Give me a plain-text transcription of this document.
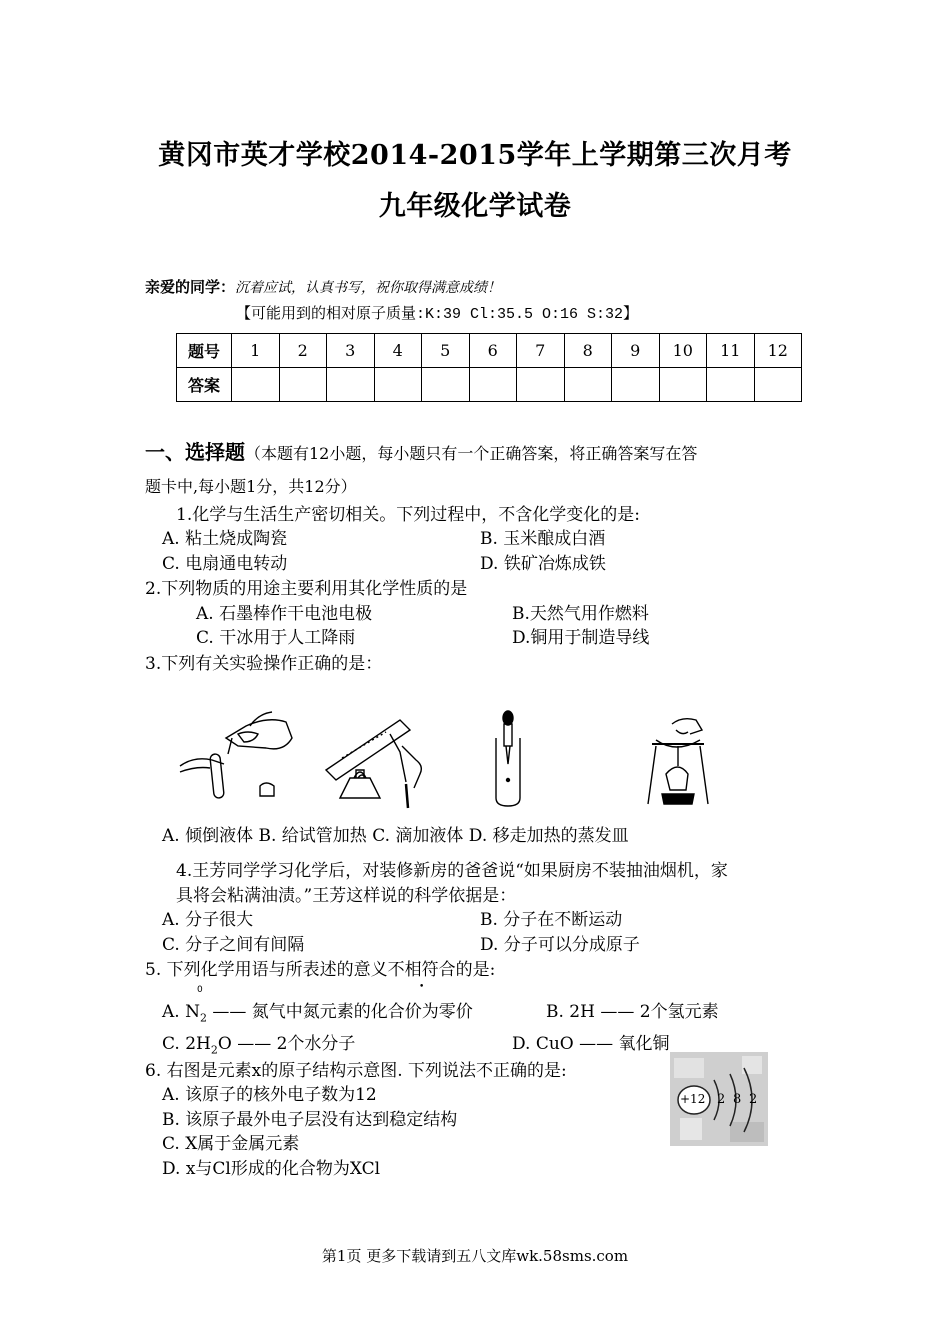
黄冈市英才学校2014-2015学年上学期第三次月考
九年级化学试卷
亲爱的同学：沉着应试，认真书写，祝你取得满意成绩！
【可能用到的相对原子质量:K:39 Cl:35.5 O:16 S:32】
题号	1	2	3	4	5	6	7	8	9	10	11	12
答案												
一、选择题（本题有12小题，每小题只有一个正确答案，将正确答案写在答
题卡中,每小题1分，共12分）
1.化学与生活生产密切相关。下列过程中，不含化学变化的是:
A. 粘土烧成陶瓷	B. 玉米酿成白酒
C. 电扇通电转动	D. 铁矿冶炼成铁
2.下列物质的用途主要利用其化学性质的是
A. 石墨棒作干电池电极	B.天然气用作燃料
C. 干冰用于人工降雨	D.铜用于制造导线
3.下列有关实验操作正确的是：
A. 倾倒液体 B. 给试管加热 C. 滴加液体 D. 移走加热的蒸发皿
4.王芳同学学习化学后，对装修新房的爸爸说“如果厨房不装抽油烟机，家
具将会粘满油渍。”王芳这样说的科学依据是：
A. 分子很大	B. 分子在不断运动
C. 分子之间有间隔	D. 分子可以分成原子
5. 下列化学用语与所表述的意义不相符合的是:
0
A. $N_2$ —— 氮气中氮元素的化合价为零价	B. 2H —— 2个氢元素
C. $2H_2O$ —— 2个水分子	D. CuO —— 氧化铜
6. 右图是元素x的原子结构示意图. 下列说法不正确的是:
A. 该原子的核外电子数为12
B. 该原子最外电子层没有达到稳定结构
C. X属于金属元素
D. x与Cl形成的化合物为XCl
+12 2 8 2
第1页 更多下载请到五八文库wk.58sms.com
